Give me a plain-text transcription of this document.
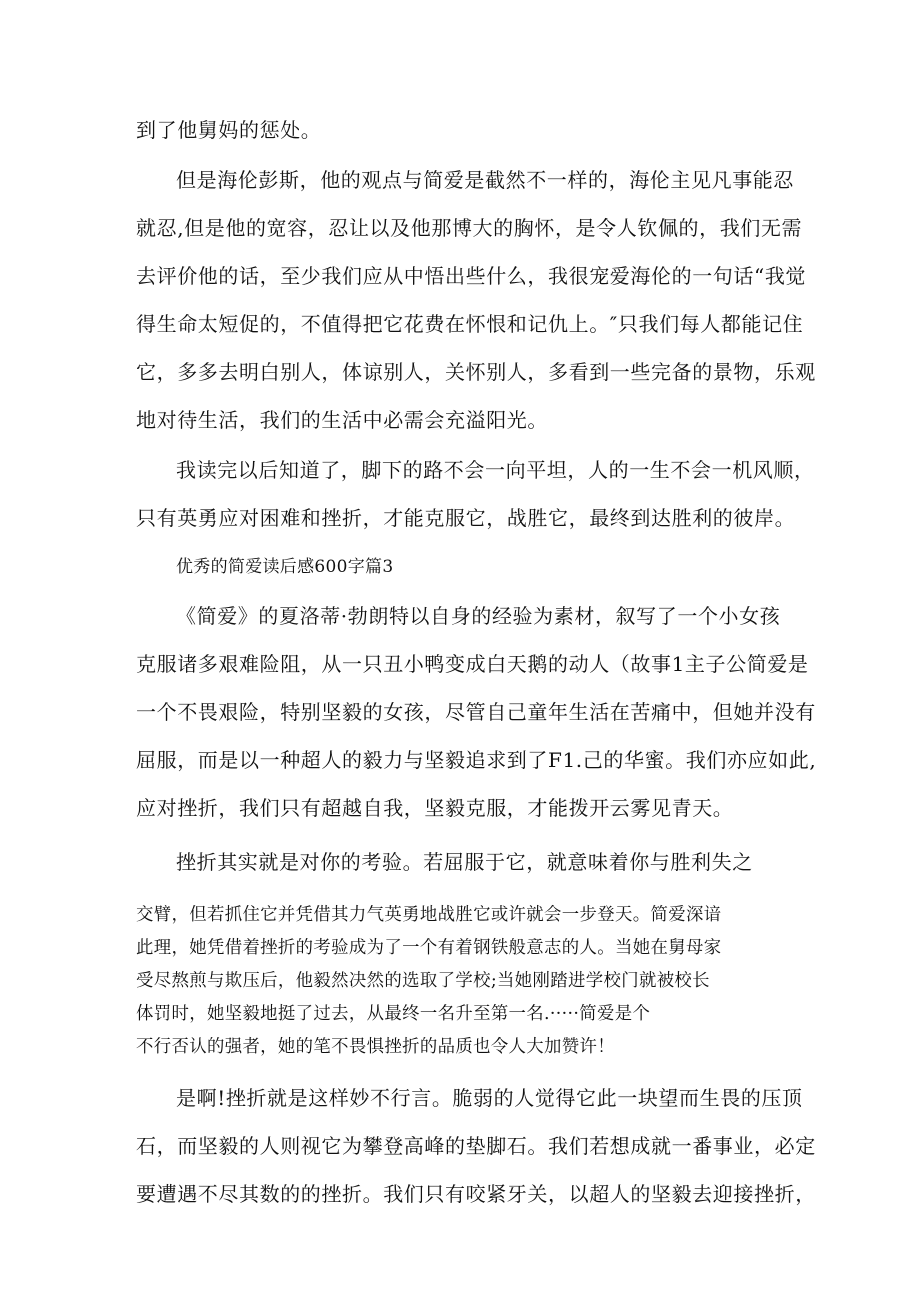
到了他舅妈的惩处。
但是海伦彭斯，他的观点与简爱是截然不一样的，海伦主见凡事能忍
就忍,但是他的宽容，忍让以及他那博大的胸怀，是令人钦佩的，我们无需
去评价他的话，至少我们应从中悟出些什么，我很宠爱海伦的一句话“我觉
得生命太短促的，不值得把它花费在怀恨和记仇上。″只我们每人都能记住
它，多多去明白别人，体谅别人，关怀别人，多看到一些完备的景物，乐观
地对待生活，我们的生活中必需会充溢阳光。
我读完以后知道了，脚下的路不会一向平坦，人的一生不会一机风顺，
只有英勇应对困难和挫折，才能克服它，战胜它，最终到达胜利的彼岸。
优秀的简爱读后感600字篇3
《简爱》的夏洛蒂·勃朗特以自身的经验为素材，叙写了一个小女孩
克服诸多艰难险阻，从一只丑小鸭变成白天鹅的动人（故事1主子公简爱是
一个不畏艰险，特别坚毅的女孩，尽管自己童年生活在苦痛中，但她并没有
屈服，而是以一种超人的毅力与坚毅追求到了F1.己的华蜜。我们亦应如此,
应对挫折，我们只有超越自我，坚毅克服，才能拨开云雾见青天。
挫折其实就是对你的考验。若屈服于它，就意味着你与胜利失之
交臂，但若抓住它并凭借其力气英勇地战胜它或许就会一步登天。简爱深谙
此理，她凭借着挫折的考验成为了一个有着钢铁般意志的人。当她在舅母家
受尽熬煎与欺压后，他毅然决然的选取了学校;当她刚踏进学校门就被校长
体罚时，她坚毅地挺了过去，从最终一名升至第一名.·····简爱是个
不行否认的强者，她的笔不畏惧挫折的品质也令人大加赞许！
是啊!挫折就是这样妙不行言。脆弱的人觉得它此一块望而生畏的压顶
石，而坚毅的人则视它为攀登高峰的垫脚石。我们若想成就一番事业，必定
要遭遇不尽其数的的挫折。我们只有咬紧牙关，以超人的坚毅去迎接挫折，
